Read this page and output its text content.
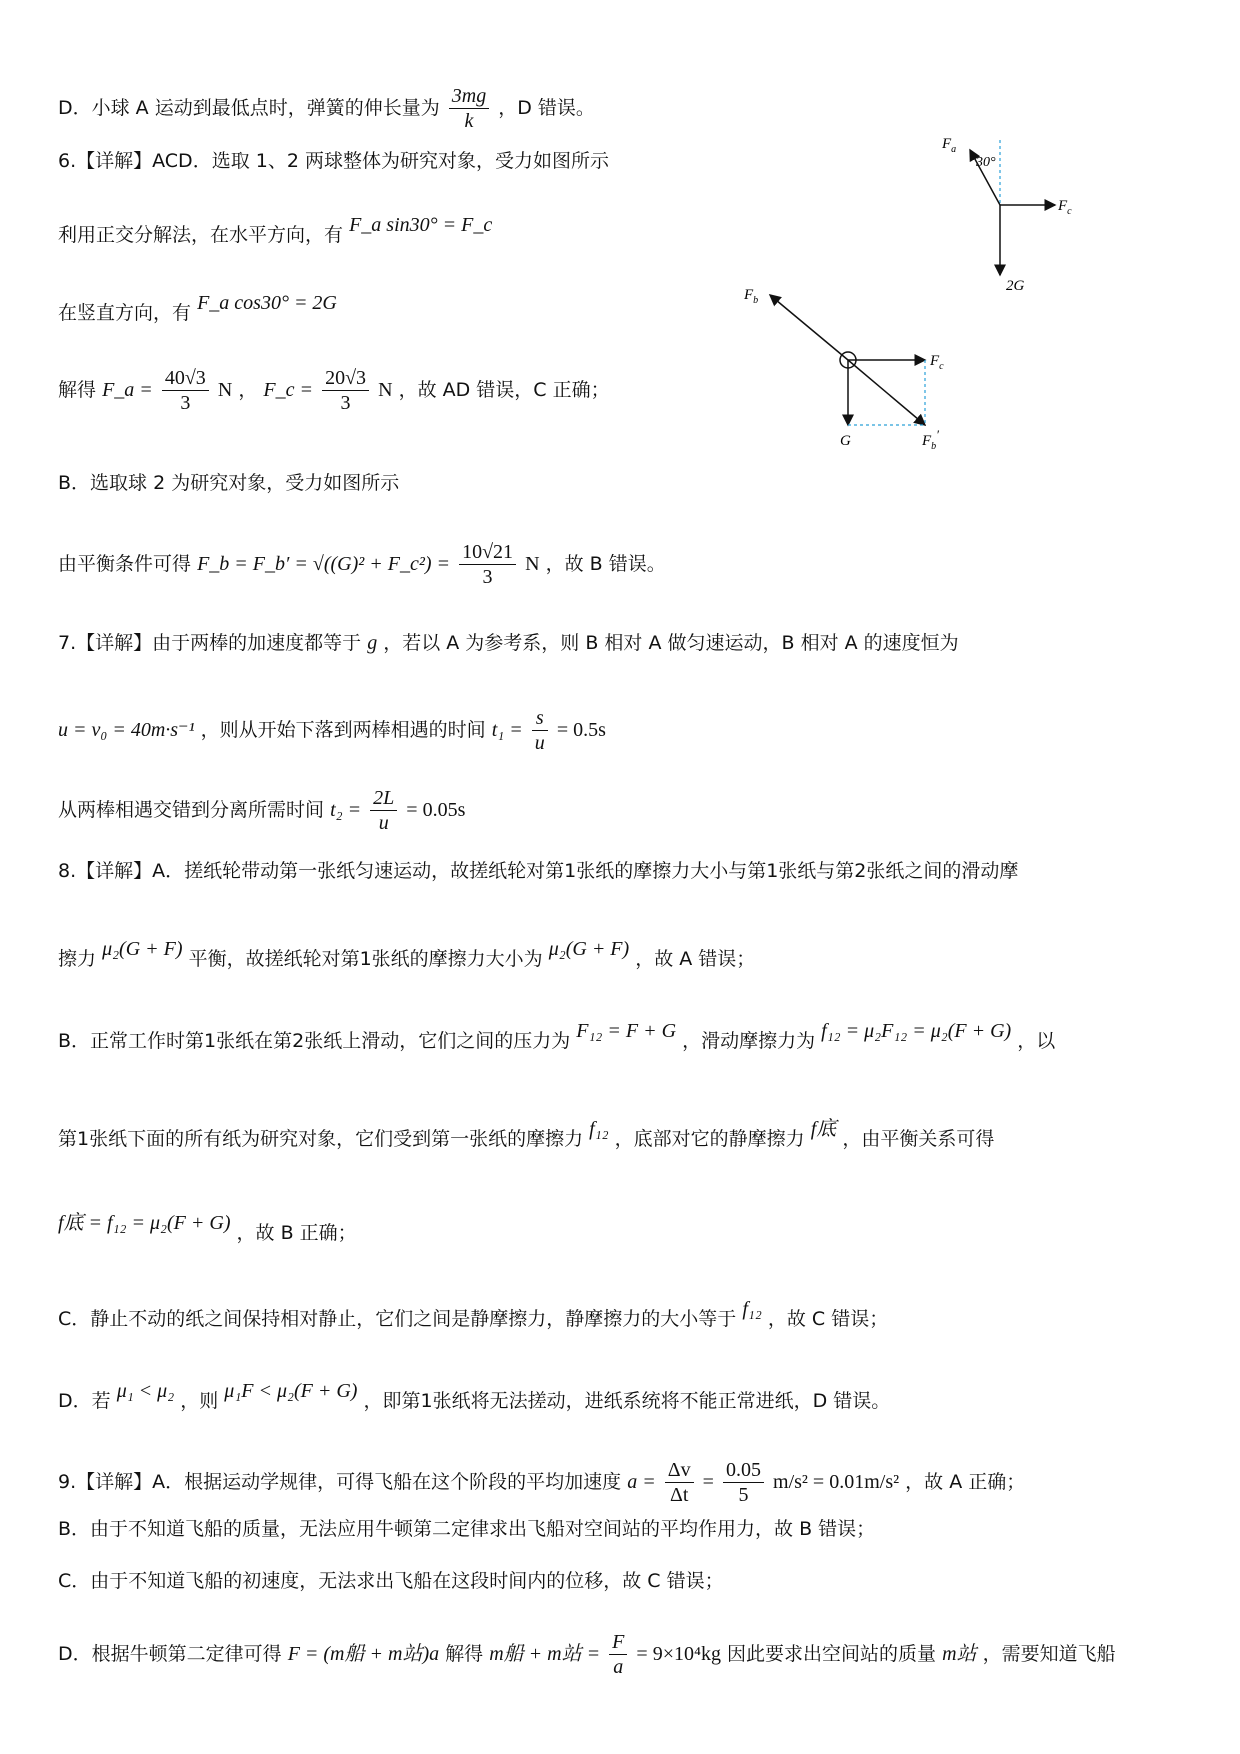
D．小球 A 运动到最低点时，弹簧的伸长量为 $\frac{3mg}{k}$ ，D 错误。
6.【详解】ACD．选取 1、2 两球整体为研究对象，受力如图所示
利用正交分解法，在水平方向，有 F_a sin30° = F_c
在竖直方向，有 F_a cos30° = 2G
解得 F_a = $\frac{40√3}{3}$ N ， F_c = $\frac{20√3}{3}$ N ，故 AD 错误，C 正确；
B．选取球 2 为研究对象，受力如图所示
由平衡条件可得 F_b = F_b′ = √((G)² + F_c²) = $\frac{10√21}{3}$ N ，故 B 错误。
7.【详解】由于两棒的加速度都等于 g ，若以 A 为参考系，则 B 相对 A 做匀速运动，B 相对 A 的速度恒为
u = v₀ = 40m·s⁻¹ ，则从开始下落到两棒相遇的时间 $t_1 = \frac{s}{u} = 0.5s$
从两棒相遇交错到分离所需时间 $t_2 = \frac{2L}{u} = 0.05s$
8.【详解】A．搓纸轮带动第一张纸匀速运动，故搓纸轮对第1张纸的摩擦力大小与第1张纸与第2张纸之间的滑动摩
擦力 μ₂(G + F) 平衡，故搓纸轮对第1张纸的摩擦力大小为 μ₂(G + F) ，故 A 错误；
B．正常工作时第1张纸在第2张纸上滑动，它们之间的压力为 F₁₂ = F + G ，滑动摩擦力为 f₁₂ = μ₂F₁₂ = μ₂(F + G) ，以
第1张纸下面的所有纸为研究对象，它们受到第一张纸的摩擦力 f₁₂ ，底部对它的静摩擦力 f底 ，由平衡关系可得
f底 = f₁₂ = μ₂(F + G) ，故 B 正确；
C．静止不动的纸之间保持相对静止，它们之间是静摩擦力，静摩擦力的大小等于 f₁₂ ，故 C 错误；
D．若 μ₁ < μ₂ ，则 μ₁F < μ₂(F + G) ，即第1张纸将无法搓动，进纸系统将不能正常进纸，D 错误。
9.【详解】A．根据运动学规律，可得飞船在这个阶段的平均加速度 $a = \frac{\Delta v}{\Delta t} = \frac{0.05}{5} m/s^2 = 0.01m/s^2$ ，故 A 正确；
B．由于不知道飞船的质量，无法应用牛顿第二定律求出飞船对空间站的平均作用力，故 B 错误；
C．由于不知道飞船的初速度，无法求出飞船在这段时间内的位移，故 C 错误；
D．根据牛顿第二定律可得 F = (m船 + m站)a 解得 m船 + m站 = $\frac{F}{a} = 9\times 10^4kg$ 因此要求出空间站的质量 m站 ，需要知道飞船
$F_a$
30°
$F_c$
2G
$F_b$
$F_c$
G	$F_b'$
